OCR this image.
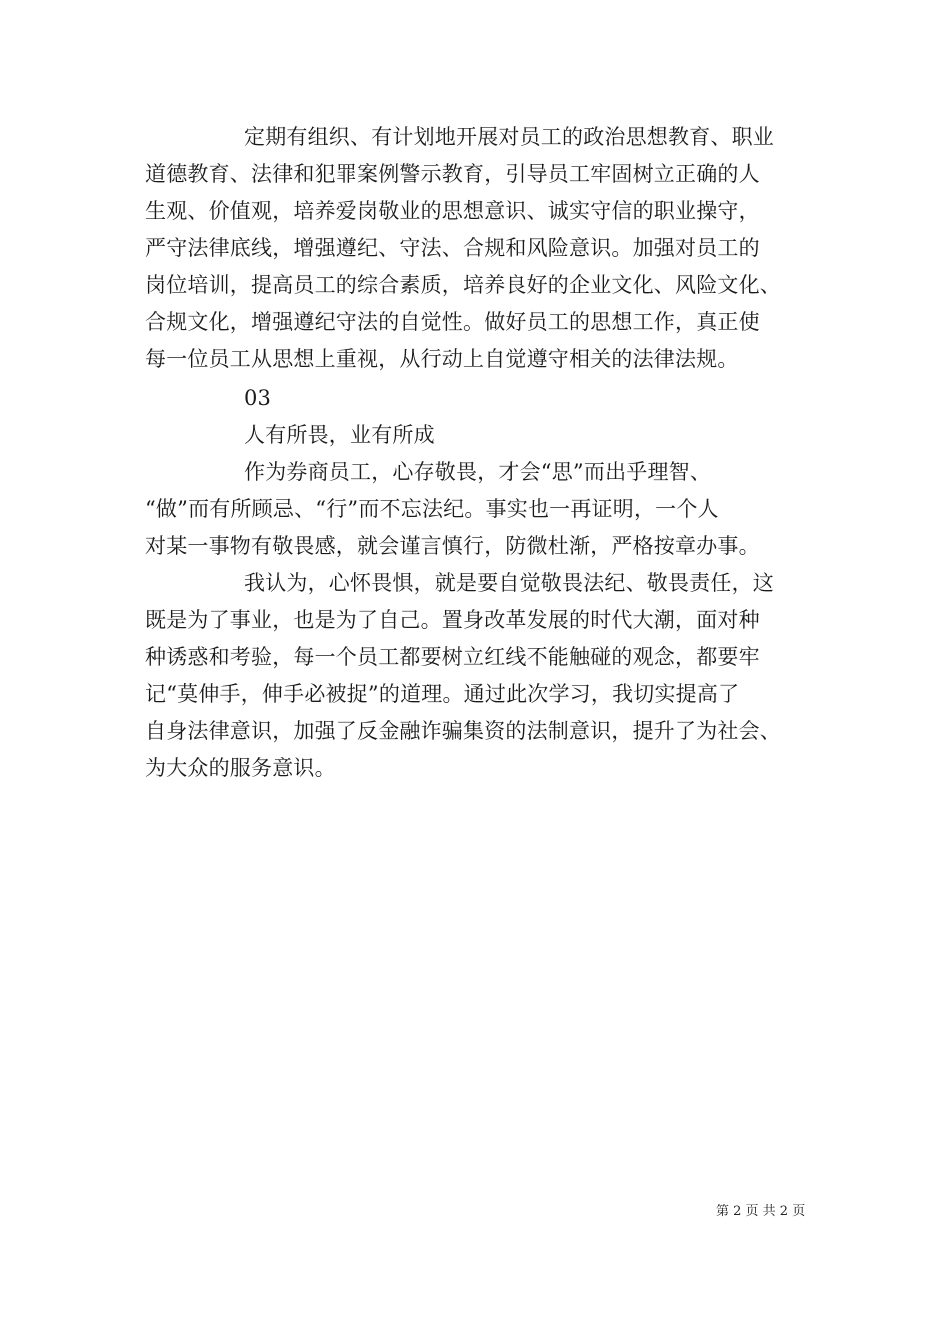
定期有组织、有计划地开展对员工的政治思想教育、职业
道德教育、法律和犯罪案例警示教育，引导员工牢固树立正确的人
生观、价值观，培养爱岗敬业的思想意识、诚实守信的职业操守，
严守法律底线，增强遵纪、守法、合规和风险意识。加强对员工的
岗位培训，提高员工的综合素质，培养良好的企业文化、风险文化、
合规文化，增强遵纪守法的自觉性。做好员工的思想工作，真正使
每一位员工从思想上重视，从行动上自觉遵守相关的法律法规。
03
人有所畏，业有所成
作为券商员工，心存敬畏，才会“思”而出乎理智、
“做”而有所顾忌、“行”而不忘法纪。事实也一再证明，一个人
对某一事物有敬畏感，就会谨言慎行，防微杜渐，严格按章办事。
我认为，心怀畏惧，就是要自觉敬畏法纪、敬畏责任，这
既是为了事业，也是为了自己。置身改革发展的时代大潮，面对种
种诱惑和考验，每一个员工都要树立红线不能触碰的观念，都要牢
记“莫伸手，伸手必被捉”的道理。通过此次学习，我切实提高了
自身法律意识，加强了反金融诈骗集资的法制意识，提升了为社会、
为大众的服务意识。
第 2 页 共 2 页
